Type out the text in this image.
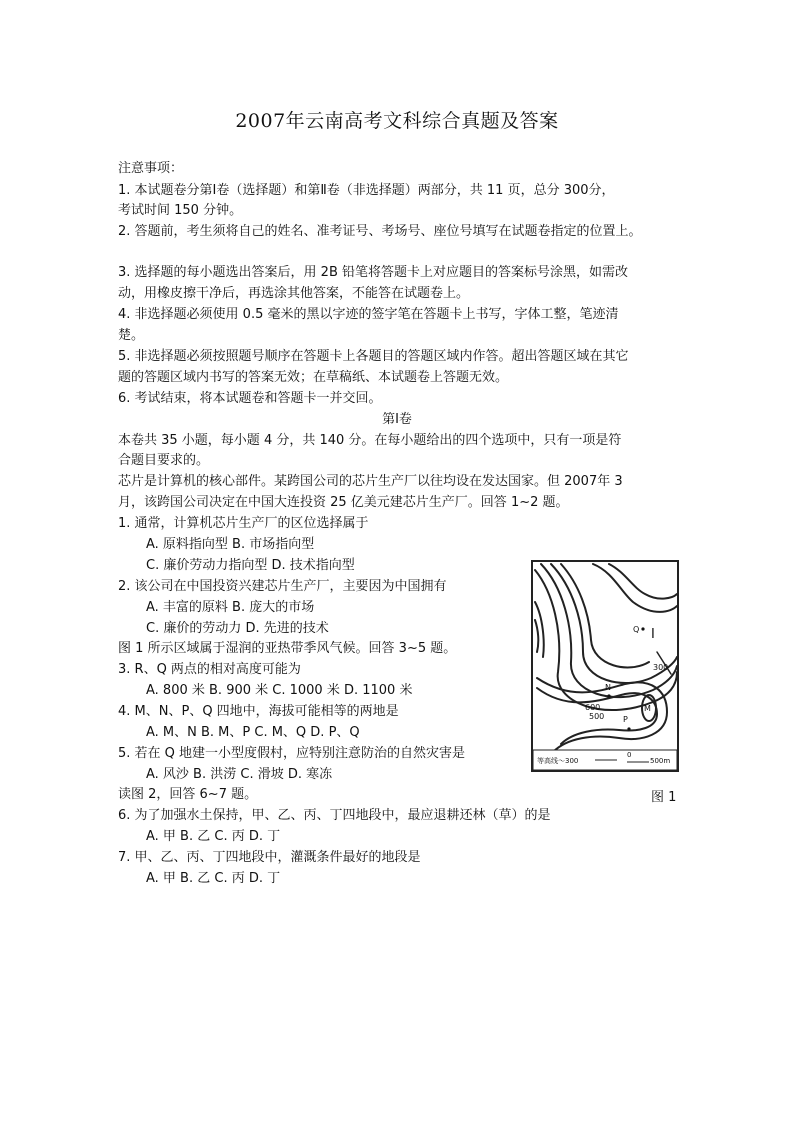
2007年云南高考文科综合真题及答案
注意事项：
1. 本试题卷分第Ⅰ卷（选择题）和第Ⅱ卷（非选择题）两部分，共 11 页，总分 300分，
考试时间 150 分钟。
2. 答题前，考生须将自己的姓名、准考证号、考场号、座位号填写在试题卷指定的位置上。
3. 选择题的每小题选出答案后，用 2B 铅笔将答题卡上对应题目的答案标号涂黑，如需改
动，用橡皮擦干净后，再选涂其他答案，不能答在试题卷上。
4. 非选择题必须使用 0.5 毫米的黑以字迹的签字笔在答题卡上书写，字体工整，笔迹清
楚。
5. 非选择题必须按照题号顺序在答题卡上各题目的答题区域内作答。超出答题区域在其它
题的答题区域内书写的答案无效；在草稿纸、本试题卷上答题无效。
6. 考试结束，将本试题卷和答题卡一并交回。
第Ⅰ卷
本卷共 35 小题，每小题 4 分，共 140 分。在每小题给出的四个选项中，只有一项是符
合题目要求的。
芯片是计算机的核心部件。某跨国公司的芯片生产厂以往均设在发达国家。但 2007年 3
月，该跨国公司决定在中国大连投资 25 亿美元建芯片生产厂。回答 1~2 题。
1. 通常，计算机芯片生产厂的区位选择属于
A. 原料指向型 B. 市场指向型
C. 廉价劳动力指向型 D. 技术指向型
2. 该公司在中国投资兴建芯片生产厂，主要因为中国拥有
A. 丰富的原料 B. 庞大的市场
C. 廉价的劳动力 D. 先进的技术
图 1 所示区域属于湿润的亚热带季风气候。回答 3~5 题。
3. R、Q 两点的相对高度可能为
A. 800 米 B. 900 米 C. 1000 米 D. 1100 米
4. M、N、P、Q 四地中，海拔可能相等的两地是
A. M、N B. M、P C. M、Q D. P、Q
5. 若在 Q 地建一小型度假村，应特别注意防治的自然灾害是
A. 风沙 B. 洪涝 C. 滑坡 D. 寒冻
读图 2，回答 6~7 题。	图 1
6. 为了加强水土保持，甲、乙、丙、丁四地段中，最应退耕还林（草）的是
A. 甲 B. 乙 C. 丙 D. 丁
7. 甲、乙、丙、丁四地段中，灌溉条件最好的地段是
A. 甲 B. 乙 C. 丙 D. 丁
Q
N
P
M
300
600
500
Ⅰ
等高线～300
0
500m
